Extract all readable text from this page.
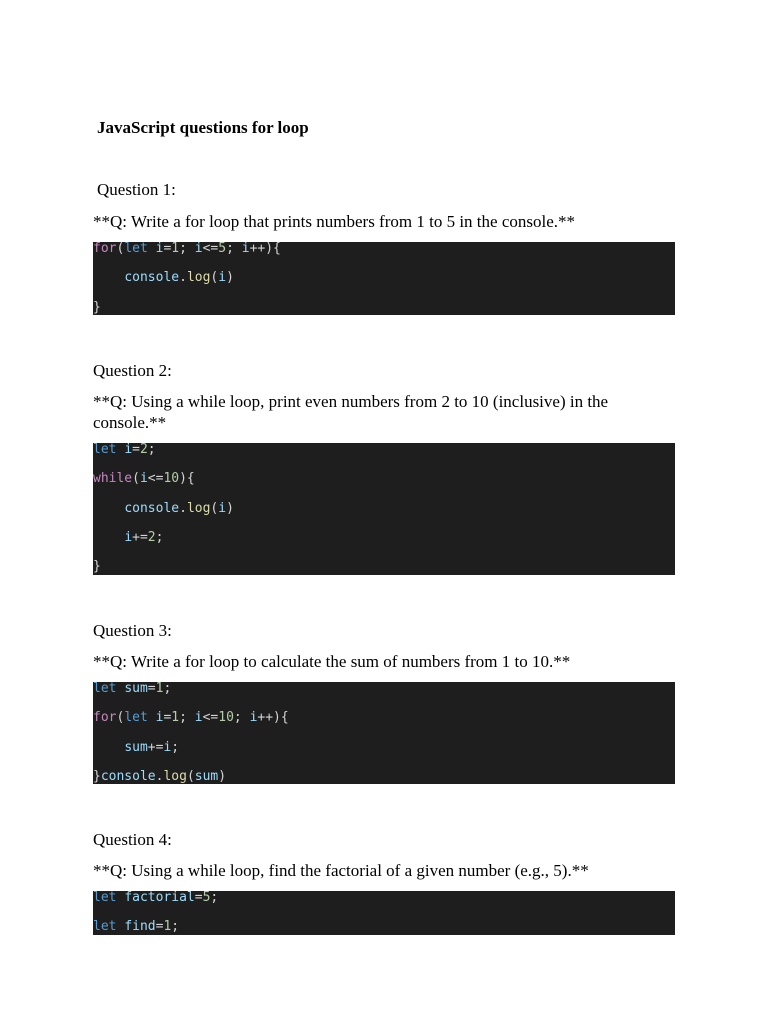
JavaScript questions for loop
Question 1:
**Q: Write a for loop that prints numbers from 1 to 5 in the console.**
for(let i=1; i<=5; i++){
console.log(i)
}
Question 2:
**Q: Using a while loop, print even numbers from 2 to 10 (inclusive) in the console.**
let i=2;
while(i<=10){
console.log(i)
i+=2;
}
Question 3:
**Q: Write a for loop to calculate the sum of numbers from 1 to 10.**
let sum=1;
for(let i=1; i<=10; i++){
sum+=i;
}console.log(sum)
Question 4:
**Q: Using a while loop, find the factorial of a given number (e.g., 5).**
let factorial=5;
let find=1;
